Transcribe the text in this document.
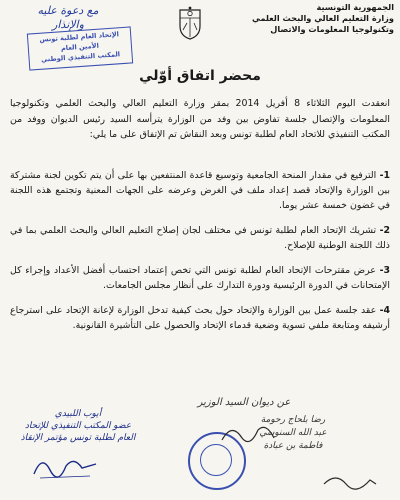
الجمهورية التونسية
وزارة التعليم العالي والبحث العلمي
وتكنولوجيا المعلومات والاتصال
مع دعوة عليه
والإنذار
الإتحاد العام لطلبة تونس
الأمين العام
المكتب التنفيذي الوطني
محضر اتفاق أوّلي
انعقدت اليوم الثلاثاء 8 أفريل 2014 بمقر وزارة التعليم العالي والبحث العلمي وتكنولوجيا المعلومات والإتصال جلسة تفاوض بين وفد من الوزارة يترأسه السيد رئيس الديوان ووفد من المكتب التنفيذي للاتحاد العام لطلبة تونس وبعد النقاش تم الإتفاق على ما يلي:
1- الترفيع في مقدار المنحة الجامعية وتوسيع قاعدة المنتفعين بها على أن يتم تكوين لجنة مشتركة بين الوزارة والإتحاد قصد إعداد ملف في الغرض وعرضه على الجهات المعنية وتجتمع هذه اللجنة في غضون خمسة عشر يوما.
2- تشريك الإتحاد العام لطلبة تونس في مختلف لجان إصلاح التعليم العالي والبحث العلمي بما في ذلك اللجنة الوطنية للإصلاح.
3- عرض مقترحات الإتحاد العام لطلبة تونس التي تخص إعتماد احتساب أفضل الأعداد وإجراء كل الإمتحانات في الدورة الرئيسية ودورة التدارك على أنظار مجلس الجامعات.
4- عقد جلسة عمل بين الوزارة والإتحاد حول بحث كيفية تدخل الوزارة لإعانة الإتحاد على استرجاع أرشيفه ومتابعة ملفي تسوية وضعية قدماء الإتحاد والحصول على التأشيرة القانونية.
عن ديوان السيد الوزير
رضا بلحاج رحومة
عبد الله السنوسي
فاطمة بن عبادة
أيوب اللبيدي
عضو المكتب التنفيذي للإتحاد
العام لطلبة تونس مؤتمر الإنقاذ
